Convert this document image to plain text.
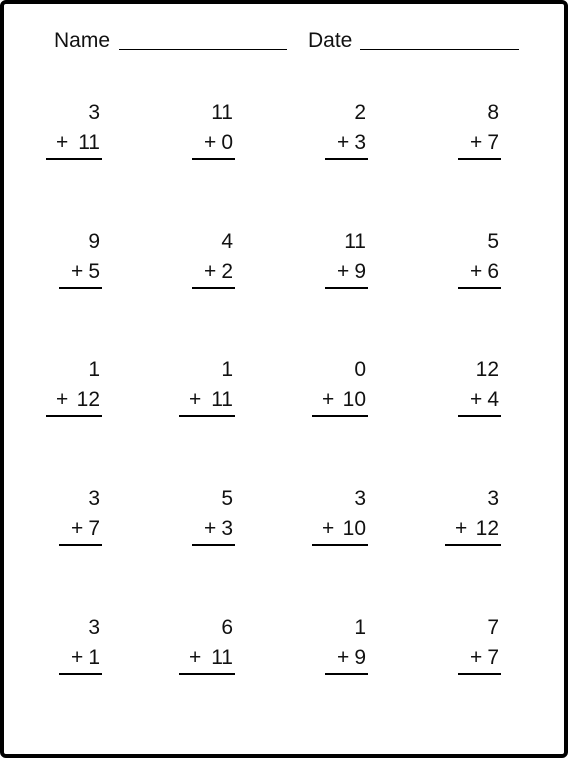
Name	Date
3
+ 11
11
+ 0
2
+ 3
8
+ 7
9
+ 5
4
+ 2
11
+ 9
5
+ 6
1
+ 12
1
+ 11
0
+ 10
12
+ 4
3
+ 7
5
+ 3
3
+ 10
3
+ 12
3
+ 1
6
+ 11
1
+ 9
7
+ 7
